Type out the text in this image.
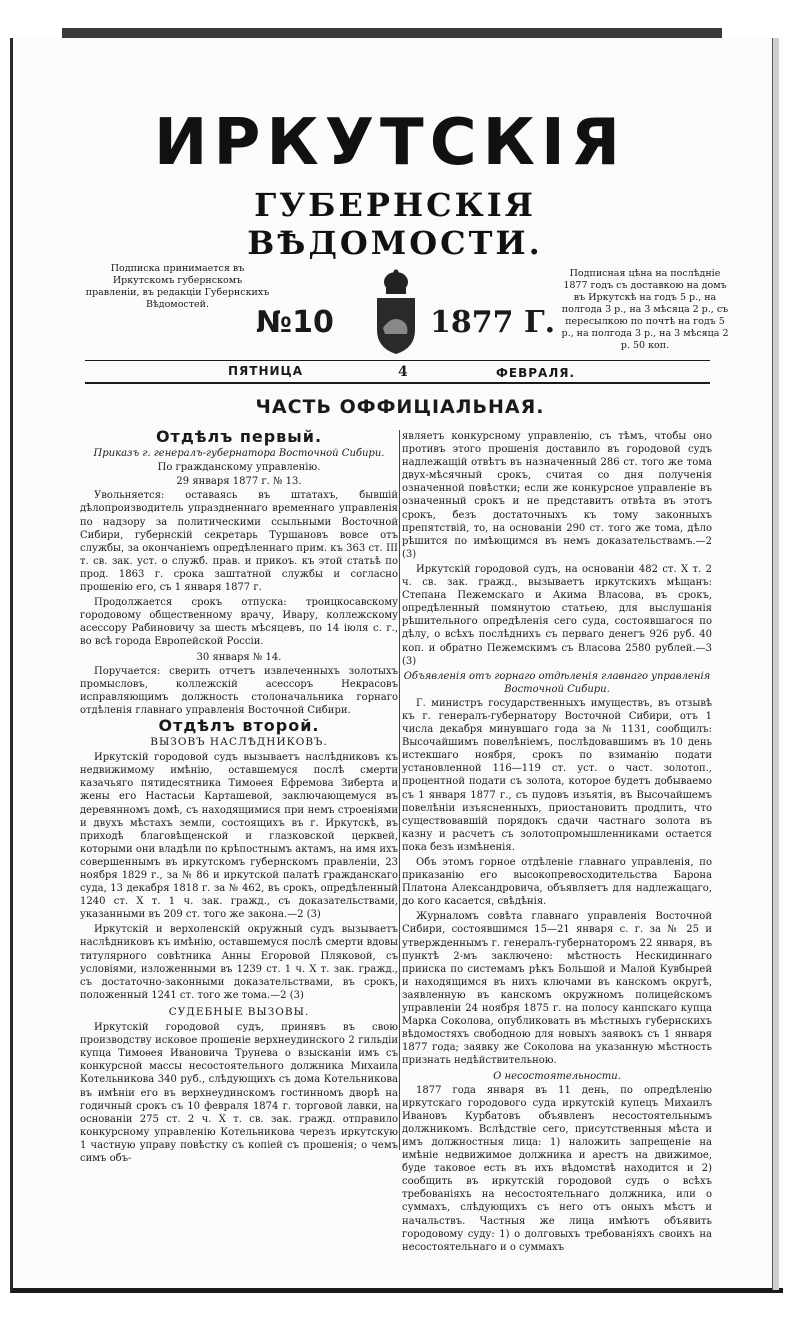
ИРКУТСКІЯ
ГУБЕРНСКІЯ ВѢДОМОСТИ.
Подписка принимается въ Иркутскомъ губернскомъ правленіи, въ редакціи Губернскихъ Вѣдомостей.
Подписная цѣна на послѣдніе 1877 годъ съ доставкою на домъ въ Иркутскѣ на годъ 5 р., на полгода 3 р., на 3 мѣсяца 2 р., съ пересылкою по почтѣ на годъ 5 р., на полгода 3 р., на 3 мѣсяца 2 р. 50 коп.
№10	1877 Г.
ПЯТНИЦА	4	ФЕВРАЛЯ.
ЧАСТЬ ОФФИЦІАЛЬНАЯ.
Отдѣлъ первый.
Приказъ г. генералъ-губернатора Восточной Сибири.
По гражданскому управленію.
29 января 1877 г. № 13.

Увольняется: оставаясь въ штатахъ, бывшій дѣлопроизводитель упраздненнаго временнаго управленія по надзору за политическими ссыльными Восточной Сибири, губернскій секретарь Туршановъ вовсе отъ службы, за окончаніемъ опредѣленнаго прим. къ 363 ст. III т. св. зак. уст. о служб. прав. и прикоъ. къ этой статьѣ по прод. 1863 г. срока заштатной службы и согласно прошенію его, съ 1 января 1877 г.

Продолжается срокъ отпуска: троицкосавскому городовому общественному врачу, Ивару, коллежскому асессору Рабиновичу за шесть мѣсяцевъ, по 14 іюля с. г., во всѣ города Европейской Россіи.

30 января № 14.

Поручается: сверить отчетъ извлеченныхъ золотыхъ промысловъ, коллежскій асессоръ Некрасовъ исправляющимъ должность столоначальника горнаго отдѣленія главнаго управленія Восточной Сибири.

Отдѣлъ второй.
ВЫЗОВЪ НАСЛѢДНИКОВЪ.

Иркутскій городовой судъ вызываетъ наслѣдниковъ къ недвижимому имѣнію, оставшемуся послѣ смерти казачьяго пятидесятника Тимоѳея Ефремова Зиберта и жены его Настасьи Карташевой, заключающемуся въ деревянномъ домѣ, съ находящимися при немъ строеніями и двухъ мѣстахъ земли, состоящихъ въ г. Иркутскѣ, въ приходѣ благовѣщенской и глазковской церквей, которыми они владѣли по крѣпостнымъ актамъ, на имя ихъ совершеннымъ въ иркутскомъ губернскомъ правленіи, 23 ноября 1829 г., за № 86 и иркутской палатѣ гражданскаго суда, 13 декабря 1818 г. за № 462, въ срокъ, опредѣленный 1240 ст. X т. 1 ч. зак. гражд., съ доказательствами, указанными въ 209 ст. того же закона.—2 (3)

Иркутскій и верхоленскій окружный судъ вызываетъ наслѣдниковъ къ имѣнію, оставшемуся послѣ смерти вдовы титулярного совѣтника Анны Егоровой Пляковой, съ условіями, изложенными въ 1239 ст. 1 ч. X т. зак. гражд., съ достаточно-законными доказательствами, въ срокъ, положенный 1241 ст. того же тома.—2 (3)

СУДЕБНЫЕ ВЫЗОВЫ.

Иркутскій городовой судъ, принявъ въ свою производству исковое прошеніе верхнеудинского 2 гильдіи купца Тимоѳея Ивановича Трунева о взысканіи имъ съ конкурсной массы несостоятельного должника Михаила Котельникова 340 руб., слѣдующихъ съ дома Котельникова въ имѣніи его въ верхнеудинскомъ гостинномъ дворѣ на годичный срокъ съ 10 февраля 1874 г. торговой лавки, на основаніи 275 ст. 2 ч. X т. св. зак. гражд. отправило конкурсному управленію Котельникова черезъ иркутскую 1 частную управу повѣстку съ копіей съ прошенія; о чемъ симъ объ-

являетъ конкурсному управленію, съ тѣмъ, чтобы оно противъ этого прошенія доставило въ городовой судъ надлежащій отвѣтъ въ назначенный 286 ст. того же тома двух-мѣсячный срокъ, считая со дня полученія означенной повѣстки; если же конкурсное управленіе въ означенный срокъ и не представитъ отвѣта въ этотъ срокъ, безъ достаточныхъ къ тому законныхъ препятствій, то, на основаніи 290 ст. того же тома, дѣло рѣшится по имѣющимся въ немъ доказательствамъ.—2 (3)

Иркутскій городовой судъ, на основаніи 482 ст. X т. 2 ч. св. зак. гражд., вызываетъ иркутскихъ мѣщанъ: Степана Пежемскаго и Акима Власова, въ срокъ, опредѣленный помянутою статьею, для выслушанія рѣшительного опредѣленія сего суда, состоявшагося по дѣлу, о всѣхъ послѣднихъ съ перваго денегъ 926 руб. 40 коп. и обратно Пежемскимъ съ Власова 2580 рублей.—3 (3)

Объявленія отъ горнаго отдѣленія главнаго управленія Восточной Сибири.

Г. министръ государственныхъ имуществъ, въ отзывѣ къ г. генералъ-губернатору Восточной Сибири, отъ 1 числа декабря минувшаго года за № 1131, сообщилъ: Высочайшимъ повелѣніемъ, послѣдовавшимъ въ 10 день истекшаго ноября, срокъ по взиманію подати установленной 116—119 ст. уст. о част. золотоп., процентной подати съ золота, которое будетъ добываемо съ 1 января 1877 г., съ пудовъ изъятія, въ Высочайшемъ повелѣніи изъясненныхъ, приостановить продлить, что существовавшій порядокъ сдачи частнаго золота въ казну и расчетъ съ золотопромышленниками остается пока безъ измѣненія.

Объ этомъ горное отдѣленіе главнаго управленія, по приказанію его высокопревосходительства Барона Платона Александровича, объявляетъ для надлежащаго, до кого касается, свѣдѣнія.

Журналомъ совѣта главнаго управленія Восточной Сибири, состоявшимся 15—21 января с. г. за № 25 и утвержденнымъ г. генералъ-губернаторомъ 22 января, въ пунктѣ 2-мъ заключено: мѣстность Нескидиннаго прииска по системамъ рѣкъ Большой и Малой Кувбырей и находящимся въ нихъ ключами въ канскомъ округѣ, заявленную въ канскомъ окружномъ полицейскомъ управленіи 24 ноября 1875 г. на полосу канпскаго купца Марка Соколова, опубликовать въ мѣстныхъ губернскихъ вѣдомостяхъ свободною для новыхъ заявокъ съ 1 января 1877 года; заявку же Соколова на указанную мѣстность признать недѣйствительною.

О несостоятельности.

1877 года января въ 11 день, по опредѣленію иркутскаго городового суда иркутскій купецъ Михаилъ Ивановъ Курбатовъ объявленъ несостоятельнымъ должникомъ. Вслѣдствіе сего, присутственныя мѣста и имъ должностныя лица: 1) наложить запрещеніе на имѣніе недвижимое должника и арестъ на движимое, буде таковое есть въ ихъ вѣдомствѣ находится и 2) сообщить въ иркутскій городовой судъ о всѣхъ требованіяхъ на несостоятельнаго должника, или о суммахъ, слѣдующихъ съ него отъ оныхъ мѣстъ и начальствъ. Частныя же лица имѣютъ объявить городовому суду: 1) о долговыхъ требованіяхъ своихъ на несостоятельнаго и о суммахъ
